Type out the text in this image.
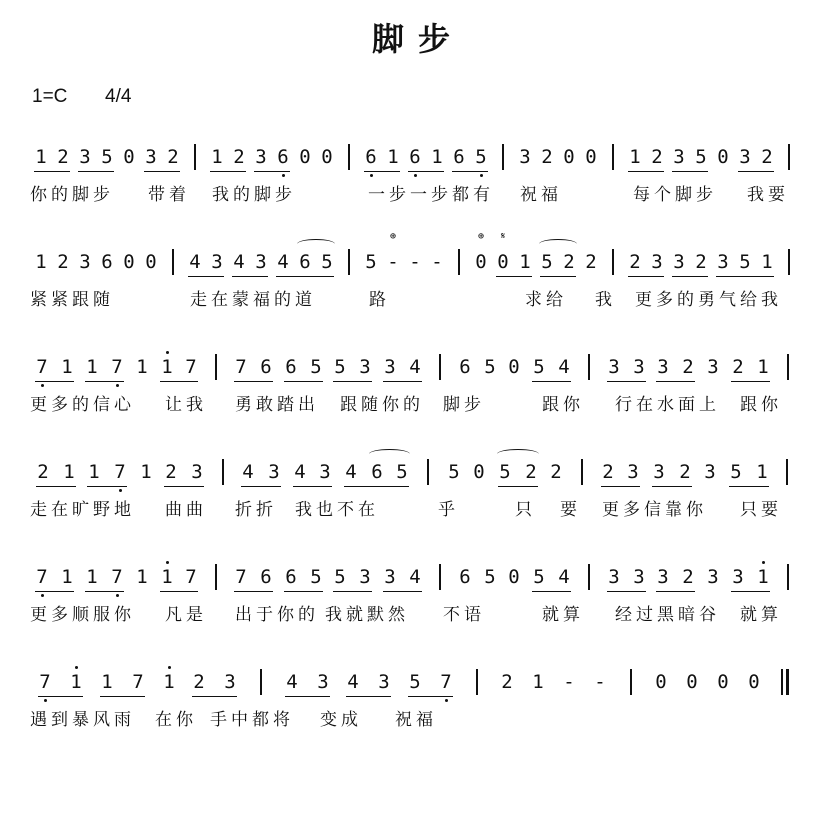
脚步
1=C 4/4
1 2 3 5 0 3 2 1 2 3 6 0 0 6 1 6 1 6 5 3 2 0 0 1 2 3 5 0 3 2
你的脚步 带着 我的脚步	一步一步都有 祝福	每个脚步 我要
1 2 3 6 0 0 4 3 4 3 4 6 5 5 - - - 0 0 1 5 2 2 2 3 3 2 3 5 1
⊕	⊕	𝄋
紧紧跟随	走在蒙福的道	路	求给 我 更多的勇气给我
7 1 1 7 1 1 7 7 6 6 5 5 3 3 4 6 5 0 5 4 3 3 3 2 3 2 1
更多的信心 让我 勇敢踏出 跟随你的 脚步	跟你 行在水面上 跟你
2 1 1 7 1 2 3 4 3 4 3 4 6 5 5 0 5 2 2 2 3 3 2 3 5 1
走在旷野地 曲曲 折折 我也不在	乎	只 要 更多信靠你 只要
7 1 1 7 1 1 7 7 6 6 5 5 3 3 4 6 5 0 5 4 3 3 3 2 3 3 1
更多顺服你 凡是 出于你的 我就默然 不语	就算 经过黑暗谷 就算
7 1 1 7 1 2 3	4 3 4 3 5 7	2 1 - -	0 0 0 0
遇到暴风雨 在你 手中都将 变成 祝福
